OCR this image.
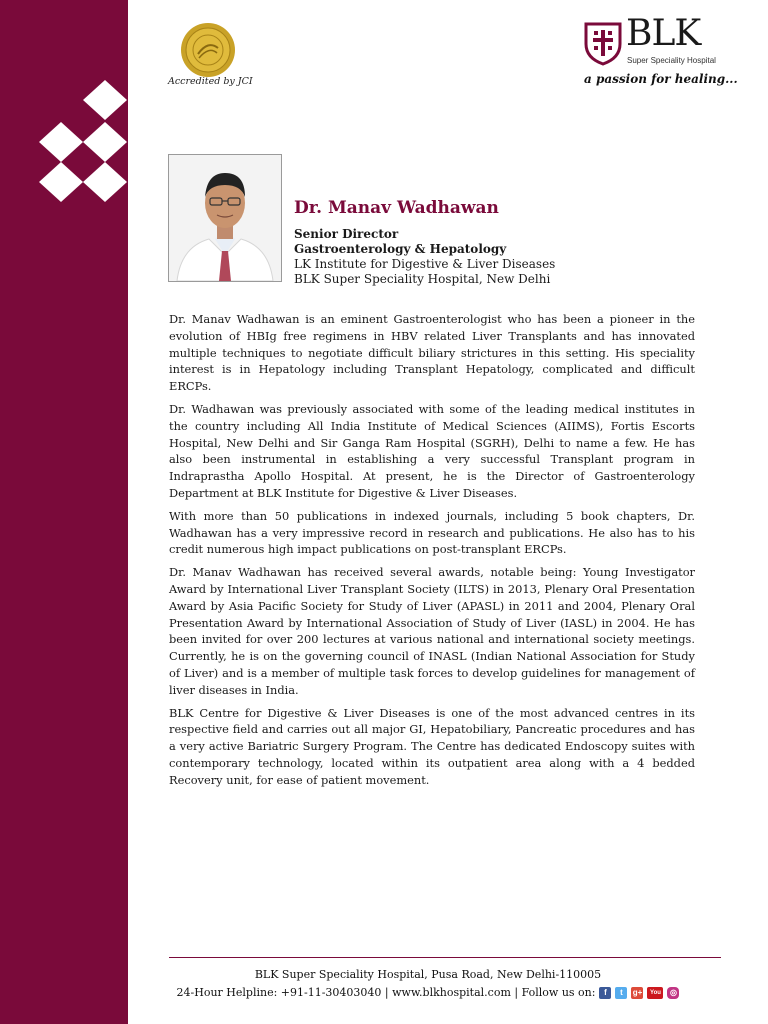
Accredited by JCI
BLK
Super Speciality Hospital
a passion for healing...
Dr. Manav Wadhawan
Senior Director
Gastroenterology & Hepatology
LK Institute for Digestive & Liver Diseases
BLK Super Speciality Hospital, New Delhi

Dr. Manav Wadhawan is an eminent Gastroenterologist who has been a pioneer in the evolution of HBIg free regimens in HBV related Liver Transplants and has innovated multiple techniques to negotiate difficult biliary strictures in this setting. His speciality interest is in Hepatology including Transplant Hepatology, complicated and difficult ERCPs.

Dr. Wadhawan was previously associated with some of the leading medical institutes in the country including All India Institute of Medical Sciences (AIIMS), Fortis Escorts Hospital, New Delhi and Sir Ganga Ram Hospital (SGRH), Delhi to name a few. He has also been instrumental in establishing a very successful Transplant program in Indraprastha Apollo Hospital. At present, he is the Director of Gastroenterology Department at BLK Institute for Digestive & Liver Diseases.

With more than 50 publications in indexed journals, including 5 book chapters, Dr. Wadhawan has a very impressive record in research and publications. He also has to his credit numerous high impact publications on post-transplant ERCPs.

Dr. Manav Wadhawan has received several awards, notable being: Young Investigator Award by International Liver Transplant Society (ILTS) in 2013, Plenary Oral Presentation Award by Asia Pacific Society for Study of Liver (APASL) in 2011 and 2004, Plenary Oral Presentation Award by International Association of Study of Liver (IASL) in 2004. He has been invited for over 200 lectures at various national and international society meetings. Currently, he is on the governing council of INASL (Indian National Association for Study of Liver) and is a member of multiple task forces to develop guidelines for management of liver diseases in India.

BLK Centre for Digestive & Liver Diseases is one of the most advanced centres in its respective field and carries out all major GI, Hepatobiliary, Pancreatic procedures and has a very active Bariatric Surgery Program. The Centre has dedicated Endoscopy suites with contemporary technology, located within its outpatient area along with a 4 bedded Recovery unit, for ease of patient movement.

BLK Super Speciality Hospital, Pusa Road, New Delhi-110005
24-Hour Helpline: +91-11-30403040 | www.blkhospital.com | Follow us on:	f	t	g+	You	◎
